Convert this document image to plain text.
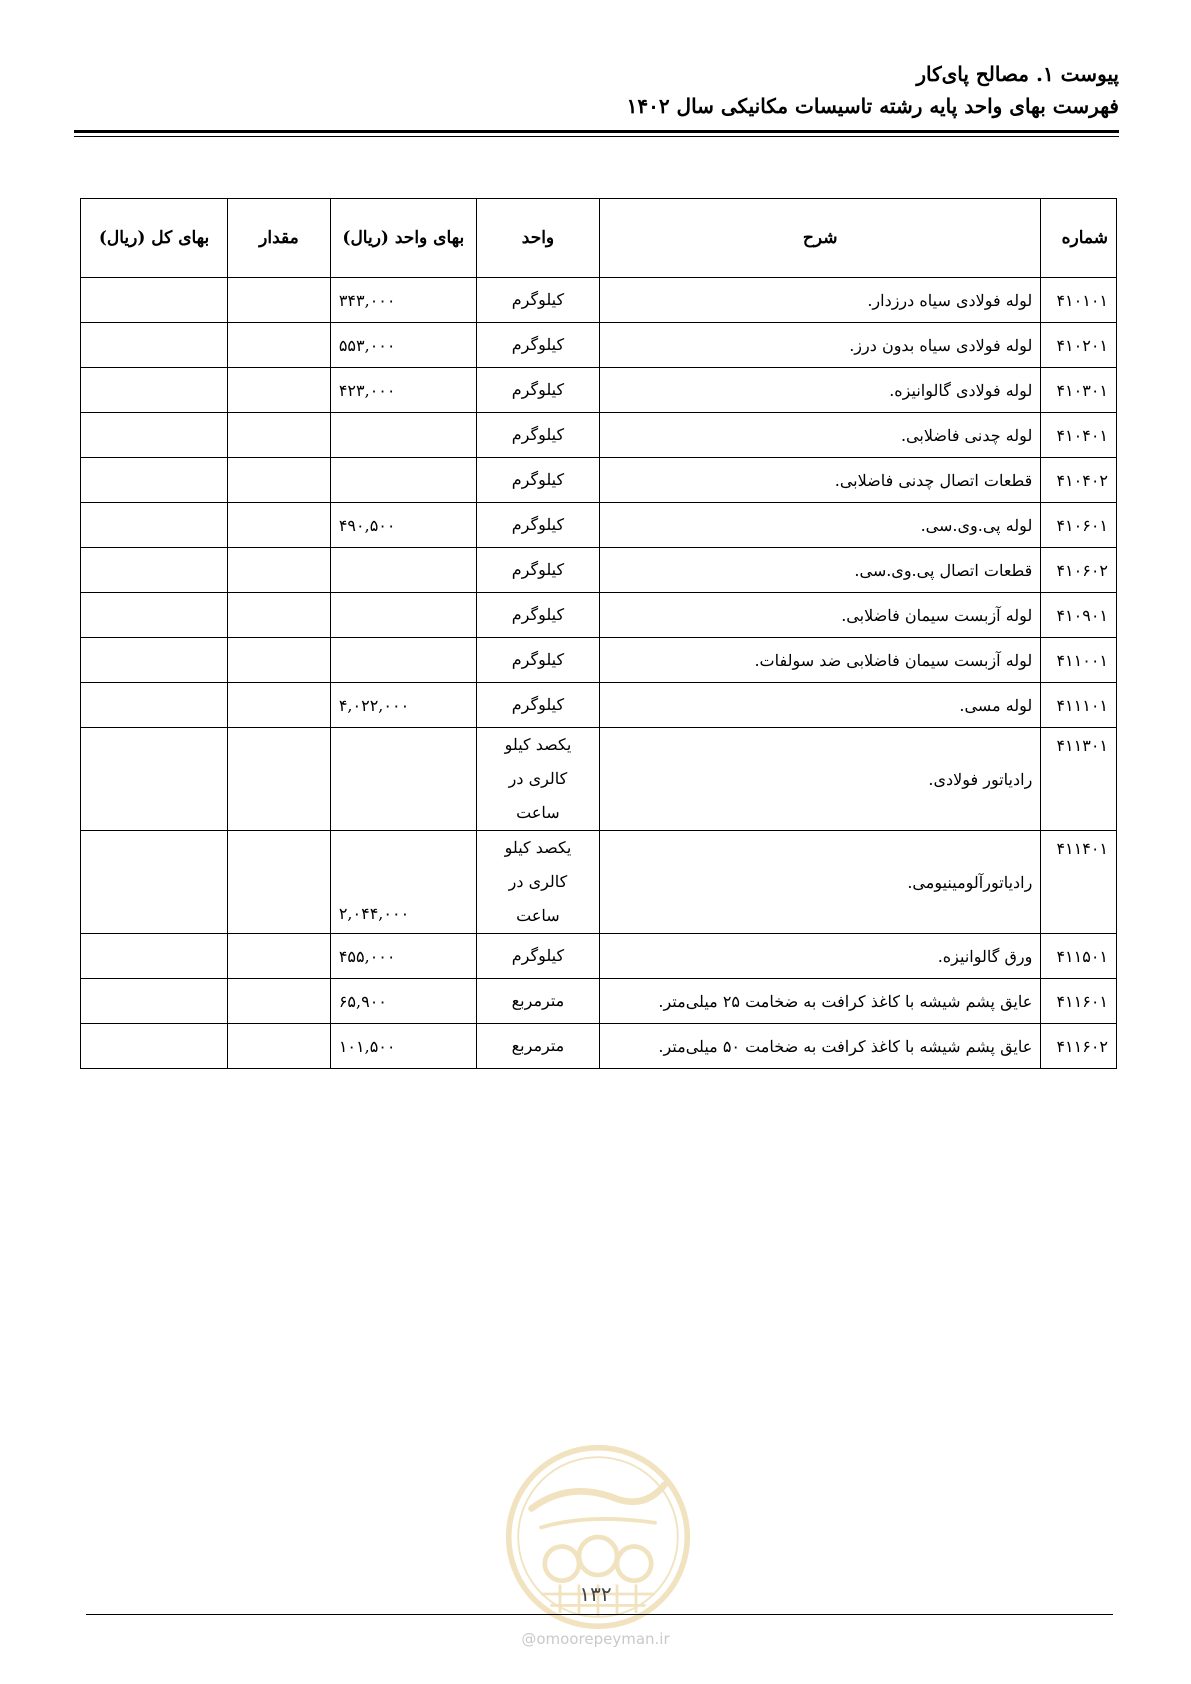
پیوست ۱. مصالح پای‌کار
فهرست بهای واحد پایه رشته تاسیسات مکانیکی سال ۱۴۰۲
شماره	شرح	واحد	بهای واحد (ریال)	مقدار	بهای کل (ریال)
۴۱۰۱۰۱	لوله فولادی سیاه درزدار.	کیلوگرم	۳۴۳,۰۰۰		
۴۱۰۲۰۱	لوله فولادی سیاه بدون درز.	کیلوگرم	۵۵۳,۰۰۰		
۴۱۰۳۰۱	لوله فولادی گالوانیزه.	کیلوگرم	۴۲۳,۰۰۰		
۴۱۰۴۰۱	لوله چدنی فاضلابی.	کیلوگرم			
۴۱۰۴۰۲	قطعات اتصال چدنی فاضلابی.	کیلوگرم			
۴۱۰۶۰۱	لوله پی.وی.سی.	کیلوگرم	۴۹۰,۵۰۰		
۴۱۰۶۰۲	قطعات اتصال پی.وی.سی.	کیلوگرم			
۴۱۰۹۰۱	لوله آزبست سیمان فاضلابی.	کیلوگرم			
۴۱۱۰۰۱	لوله آزبست سیمان فاضلابی ضد سولفات.	کیلوگرم			
۴۱۱۱۰۱	لوله مسی.	کیلوگرم	۴,۰۲۲,۰۰۰		
۴۱۱۳۰۱	رادیاتور فولادی.	یکصد کیلو کالری در ساعت			
۴۱۱۴۰۱	رادیاتورآلومینیومی.	یکصد کیلو کالری در ساعت	۲,۰۴۴,۰۰۰		
۴۱۱۵۰۱	ورق گالوانیزه.	کیلوگرم	۴۵۵,۰۰۰		
۴۱۱۶۰۱	عایق پشم شیشه با کاغذ کرافت به ضخامت ۲۵ میلی‌متر.	مترمربع	۶۵,۹۰۰		
۴۱۱۶۰۲	عایق پشم شیشه با کاغذ کرافت به ضخامت ۵۰ میلی‌متر.	مترمربع	۱۰۱,۵۰۰		
۱۳۲
@omoorepeyman.ir
